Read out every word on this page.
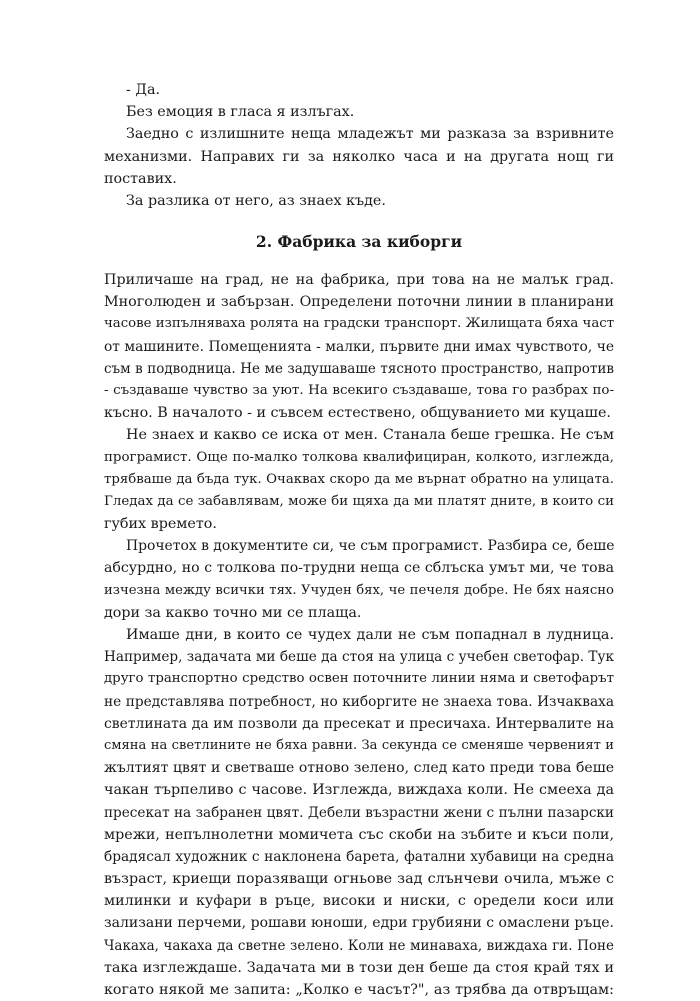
- Да.

Без емоция в гласа я излъгах.

Заедно с излишните неща младежът ми разказа за взривните механизми. Направих ги за няколко часа и на другата нощ ги поставих.

За разлика от него, аз знаех къде.

2. Фабрика за киборги
Приличаше на град, не на фабрика, при това на не малък град.
Многолюден и забързан. Определени поточни линии в планирани
часове изпълняваха ролята на градски транспорт. Жилищата бяха част
от машините. Помещенията - малки, първите дни имах чувството, че
съм в подводница. Не ме задушаваше тясното пространство, напротив
- създаваше чувство за уют. На всекиго създаваше, това го разбрах по-
късно. В началото - и съвсем естествено, общуванието ми куцаше.
Не знаех и какво се иска от мен. Станала беше грешка. Не съм
програмист. Още по-малко толкова квалифициран, колкото, изглежда,
трябваше да бъда тук. Очаквах скоро да ме върнат обратно на улицата.
Гледах да се забавлявам, може би щяха да ми платят дните, в които си
губих времето.
Прочетох в документите си, че съм програмист. Разбира се, беше
абсурдно, но с толкова по-трудни неща се сблъска умът ми, че това
изчезна между всички тях. Учуден бях, че печеля добре. Не бях наясно
дори за какво точно ми се плаща.
Имаше дни, в които се чудех дали не съм попаднал в лудница.
Например, задачата ми беше да стоя на улица с учебен светофар. Тук
друго транспортно средство освен поточните линии няма и светофарът
не представлява потребност, но киборгите не знаеха това. Изчакваха
светлината да им позволи да пресекат и пресичаха. Интервалите на
смяна на светлините не бяха равни. За секунда се сменяше червеният и
жълтият цвят и светваше отново зелено, след като преди това беше
чакан търпеливо с часове. Изглежда, виждаха коли. Не смееха да
пресекат на забранен цвят. Дебели възрастни жени с пълни пазарски
мрежи, непълнолетни момичета със скоби на зъбите и къси поли,
брадясал художник с наклонена барета, фатални хубавици на средна
възраст, криещи поразяващи огньове зад слънчеви очила, мъже с
милинки и куфари в ръце, високи и ниски, с оредели коси или
зализани перчеми, рошави юноши, едри грубияни с омаслени ръце.
Чакаха, чакаха да светне зелено. Коли не минаваха, виждаха ги. Поне
така изглеждаше. Задачата ми в този ден беше да стоя край тях и
когато някой ме запита: „Колко е часът?", аз трябва да отвръщам:
